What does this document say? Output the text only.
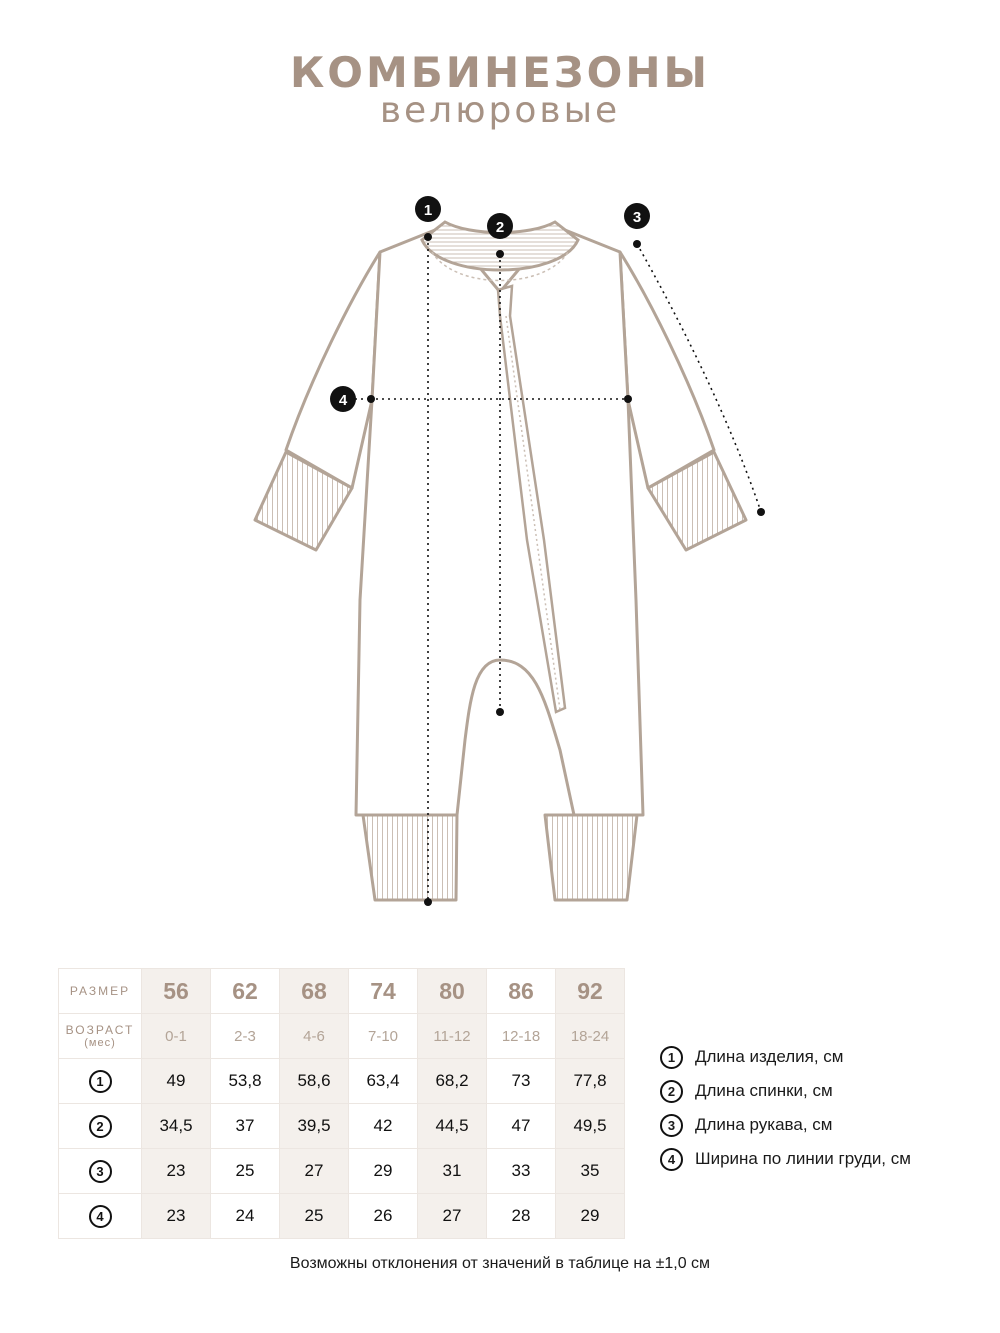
КОМБИНЕЗОНЫ
велюровые
1
2
3
4
РАЗМЕР	56	62	68	74	80	86	92
ВОЗРАСТ
(мес)	0-1	2-3	4-6	7-10	11-12	12-18	18-24
1	49	53,8	58,6	63,4	68,2	73	77,8
2	34,5	37	39,5	42	44,5	47	49,5
3	23	25	27	29	31	33	35
4	23	24	25	26	27	28	29
1	Длина изделия, см
2	Длина спинки, см
3	Длина рукава, см
4	Ширина по линии груди, см
Возможны отклонения от значений в таблице на ±1,0 см
